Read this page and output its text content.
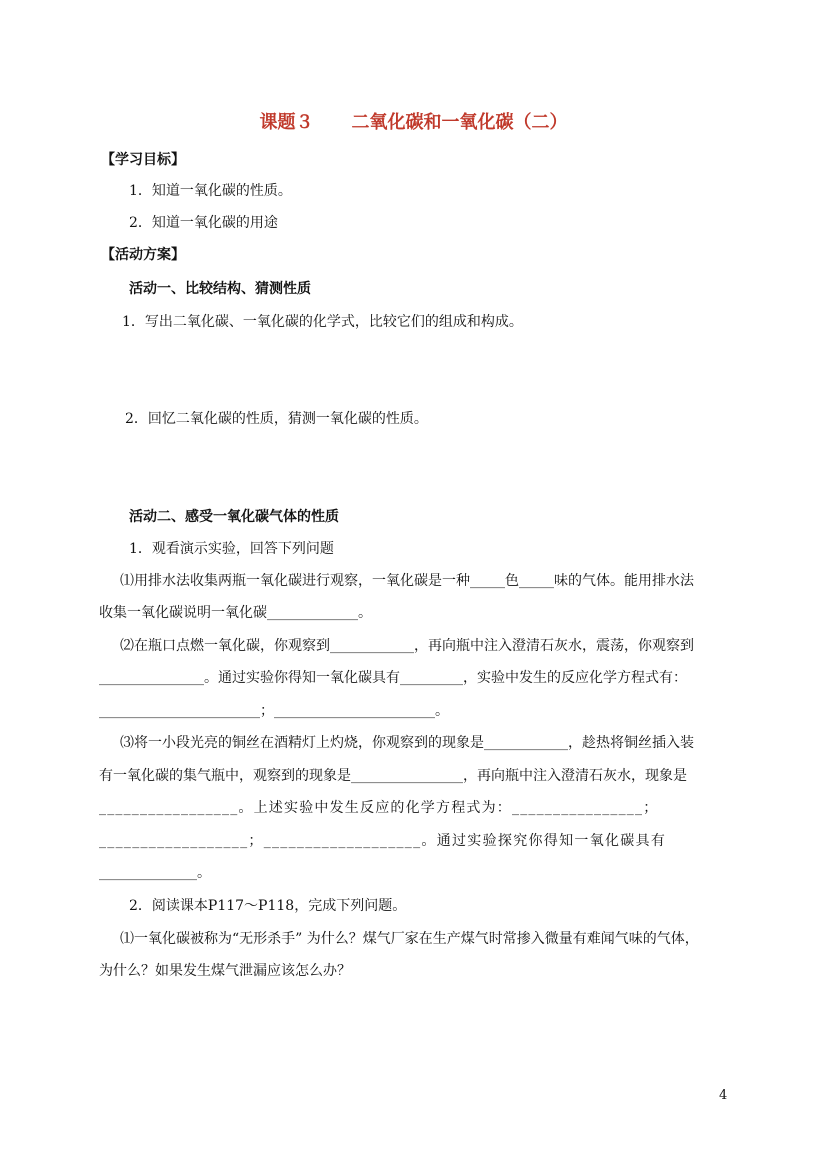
课题３ 二氧化碳和一氧化碳（二）
【学习目标】
1．知道一氧化碳的性质。
2．知道一氧化碳的用途
【活动方案】
活动一、比较结构、猜测性质
1．写出二氧化碳、一氧化碳的化学式，比较它们的组成和构成。
2．回忆二氧化碳的性质，猜测一氧化碳的性质。
活动二、感受一氧化碳气体的性质
1．观看演示实验，回答下列问题
⑴用排水法收集两瓶一氧化碳进行观察，一氧化碳是一种_____色_____味的气体。能用排水法
收集一氧化碳说明一氧化碳_____________。
⑵在瓶口点燃一氧化碳，你观察到____________，再向瓶中注入澄清石灰水，震荡，你观察到
_______________。通过实验你得知一氧化碳具有_________，实验中发生的反应化学方程式有：
_______________________；_______________________。
⑶将一小段光亮的铜丝在酒精灯上灼烧，你观察到的现象是____________，趁热将铜丝插入装
有一氧化碳的集气瓶中，观察到的现象是________________，再向瓶中注入澄清石灰水，现象是
_________________。上述实验中发生反应的化学方程式为：________________；
__________________；___________________。通过实验探究你得知一氧化碳具有
______________。
2．阅读课本P117～P118，完成下列问题。
⑴一氧化碳被称为“无形杀手” 为什么？煤气厂家在生产煤气时常掺入微量有难闻气味的气体，
为什么？如果发生煤气泄漏应该怎么办？
4
